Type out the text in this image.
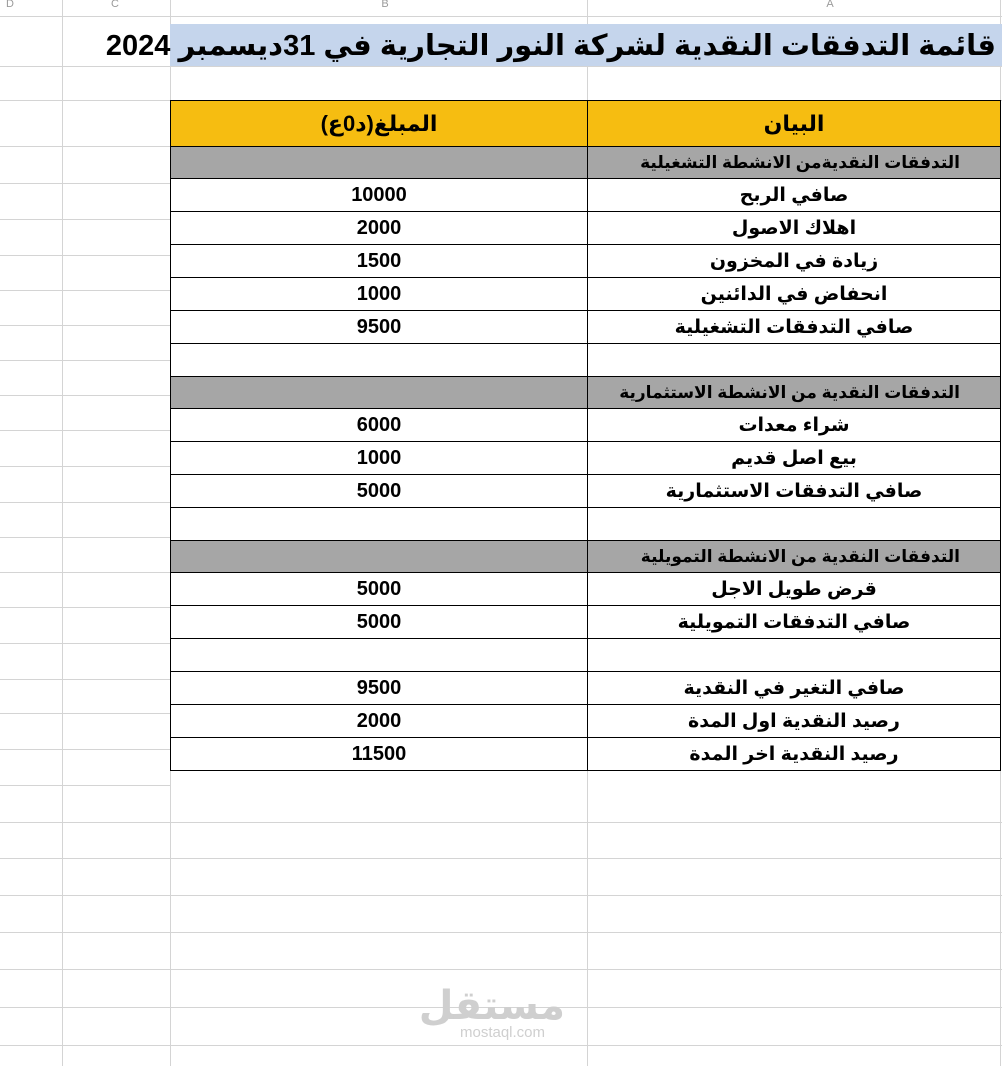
D	C	B	A
قائمة التدفقات النقدية لشركة النور التجارية في 31ديسمبر 2024
المبلغ(د0ع)	البيان
	التدفقات النقديةمن الانشطة التشغيلية
10000	صافي الربح
2000	اهلاك الاصول
1500	زيادة في المخزون
1000	انحفاض في الدائنين
9500	صافي التدفقات التشغيلية

	التدفقات النقدية من الانشطة الاستثمارية
6000	شراء معدات
1000	بيع اصل قديم
5000	صافي التدفقات الاستثمارية

	التدفقات النقدية من الانشطة التمويلية
5000	قرض طويل الاجل
5000	صافي التدفقات التمويلية

9500	صافي التغير في النقدية
2000	رصيد النقدية اول المدة
11500	رصيد النقدية اخر المدة
مستقل
mostaql.com
